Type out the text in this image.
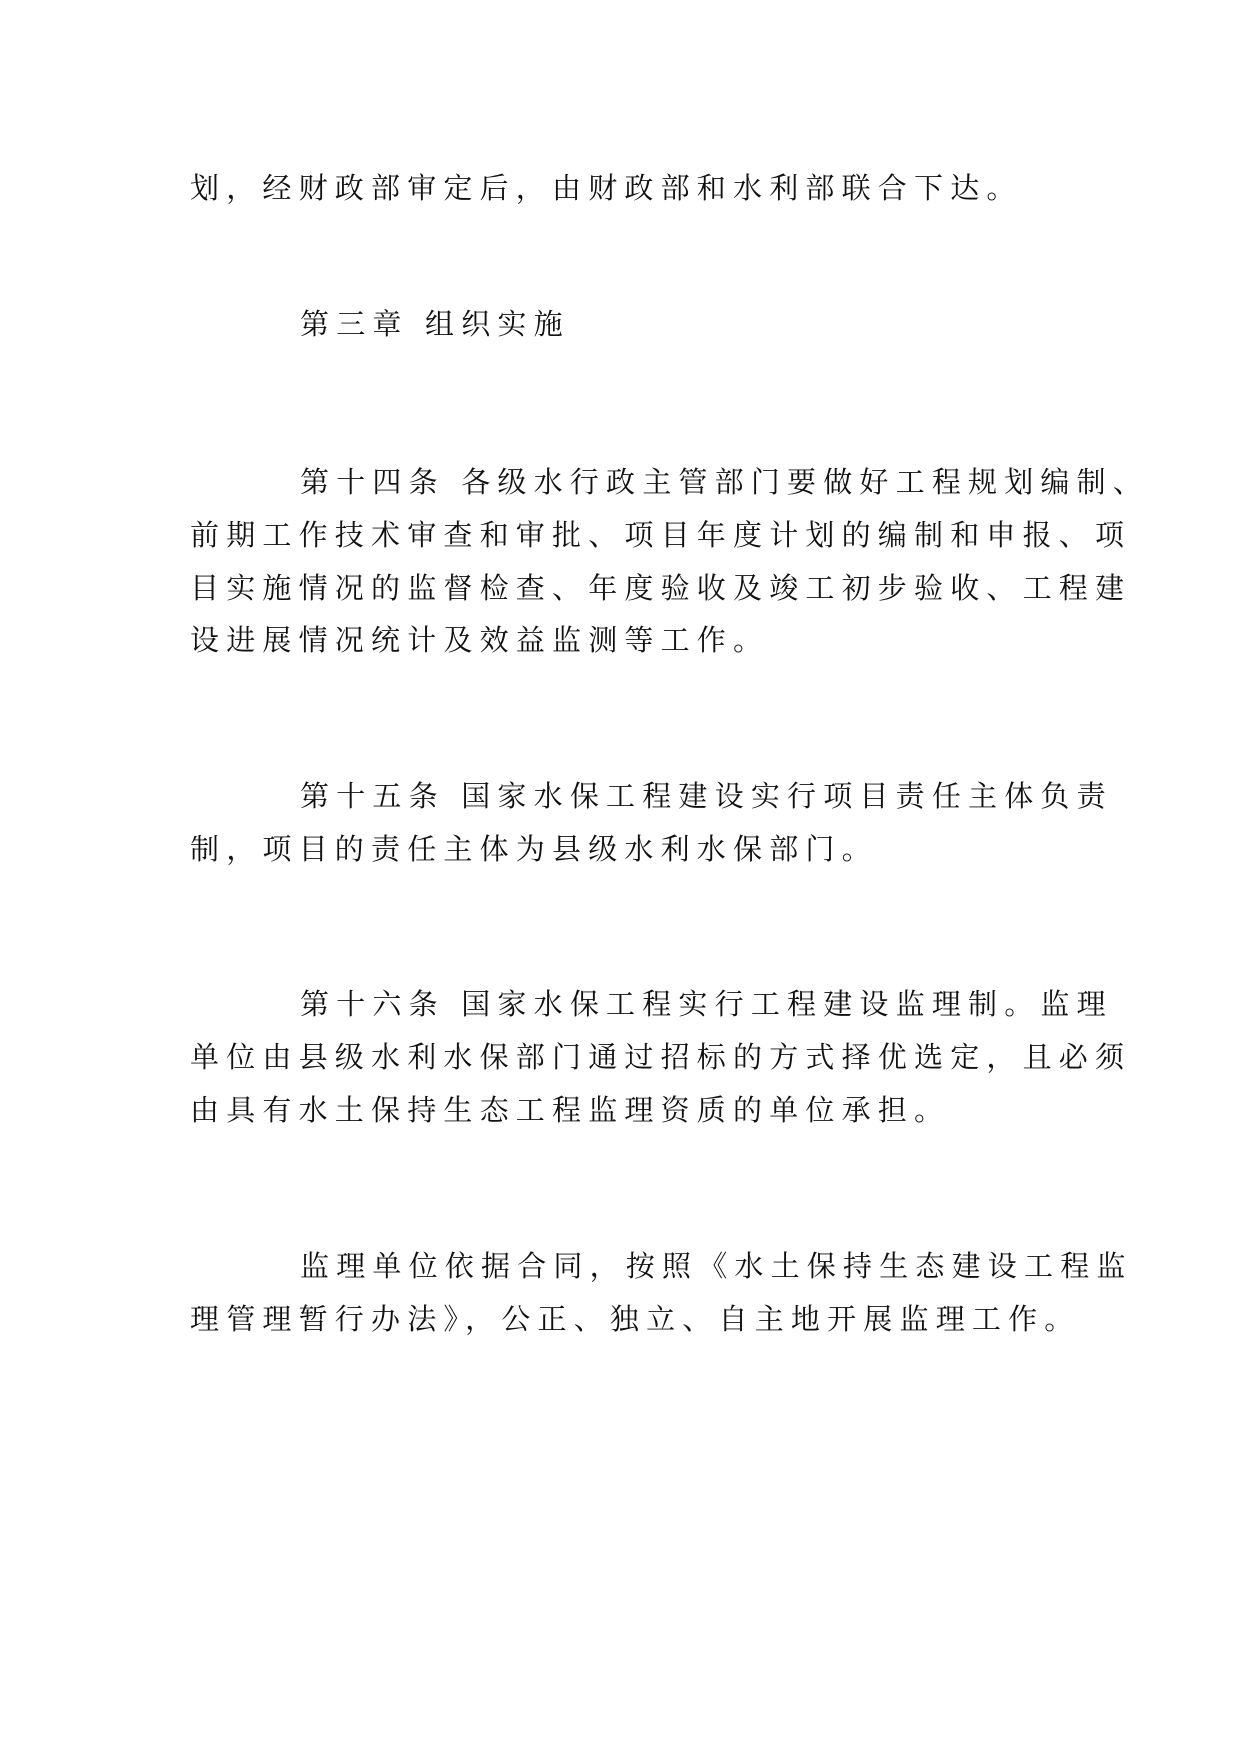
划，经财政部审定后，由财政部和水利部联合下达。
第三章 组织实施
第十四条 各级水行政主管部门要做好工程规划编制、
前期工作技术审查和审批、项目年度计划的编制和申报、项
目实施情况的监督检查、年度验收及竣工初步验收、工程建
设进展情况统计及效益监测等工作。
第十五条 国家水保工程建设实行项目责任主体负责
制，项目的责任主体为县级水利水保部门。
第十六条 国家水保工程实行工程建设监理制。监理
单位由县级水利水保部门通过招标的方式择优选定，且必须
由具有水土保持生态工程监理资质的单位承担。
监理单位依据合同，按照《水土保持生态建设工程监
理管理暂行办法》，公正、独立、自主地开展监理工作。
